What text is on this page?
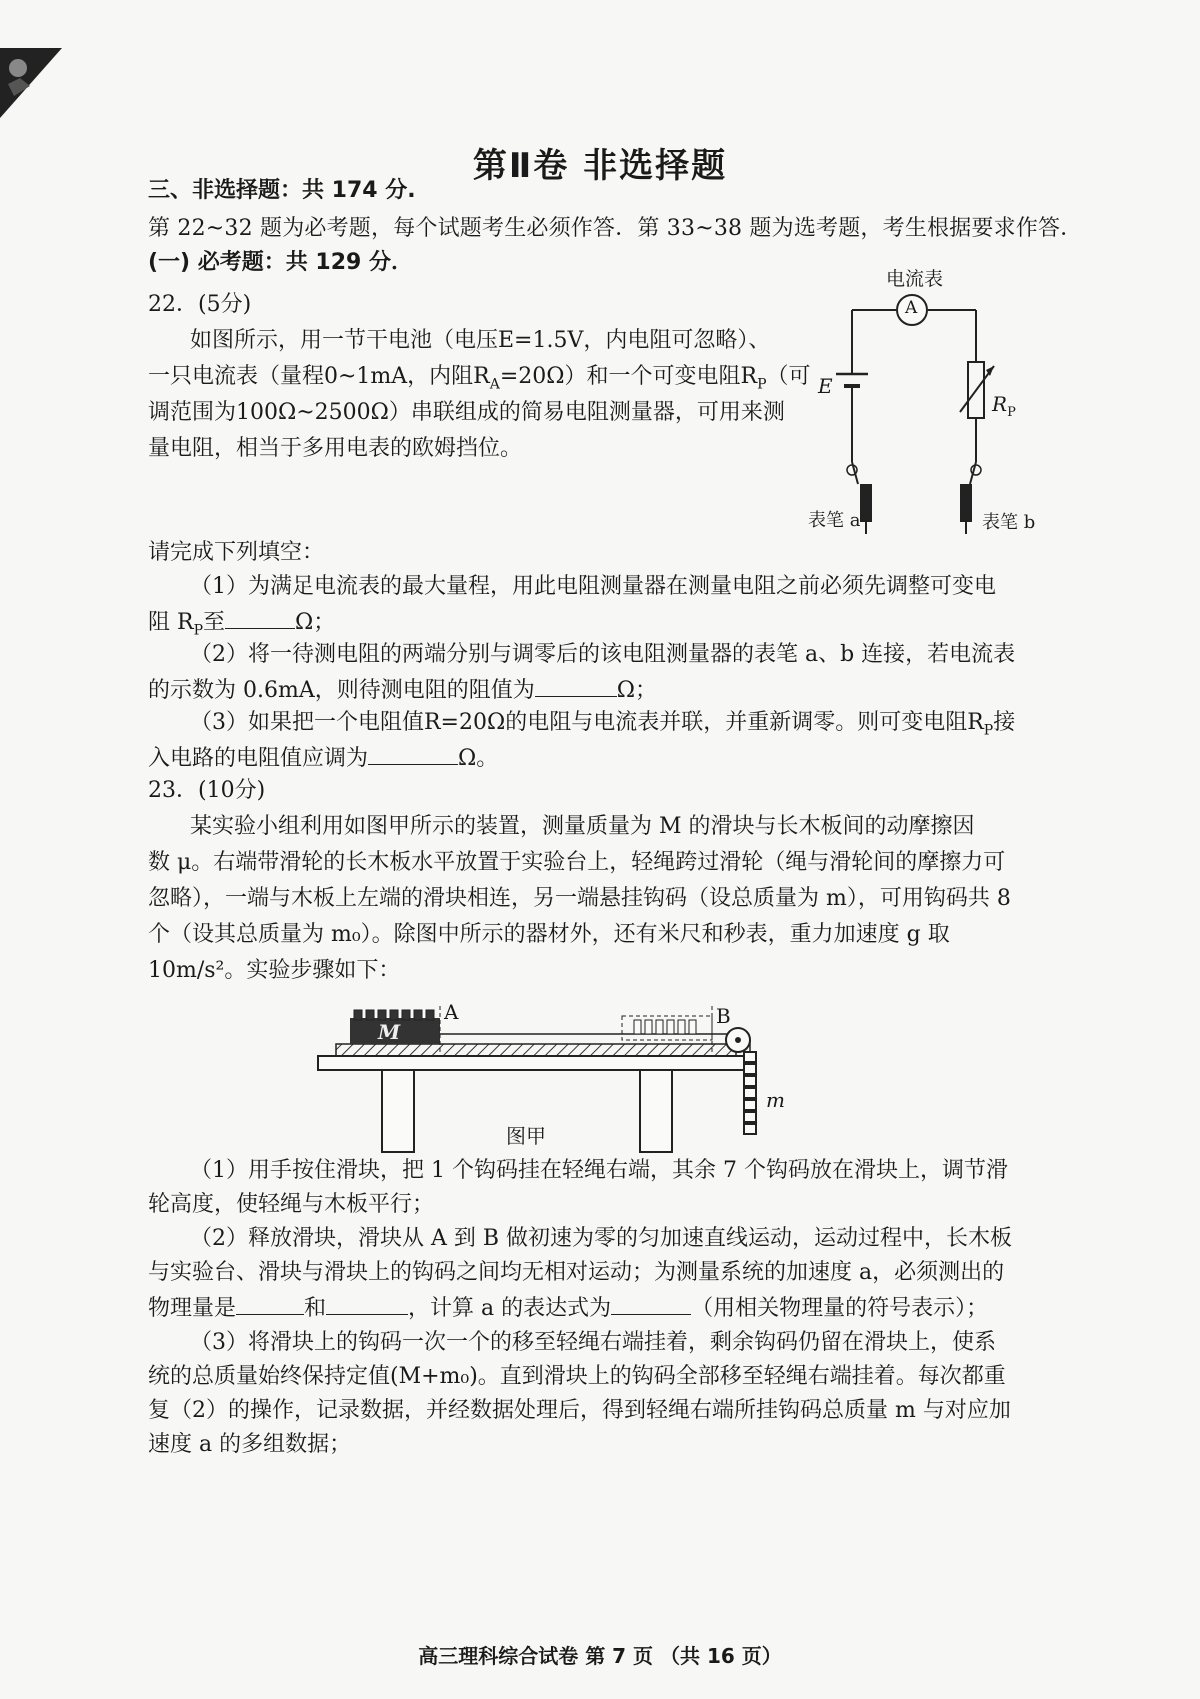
第Ⅱ卷 非选择题
三、非选择题：共 174 分.
第 22~32 题为必考题，每个试题考生必须作答．第 33~38 题为选考题，考生根据要求作答．
(一) 必考题：共 129 分．
22．(5分)
如图所示，用一节干电池（电压E=1.5V，内电阻可忽略）、
一只电流表（量程0~1mA，内阻$R_A=20\Omega$）和一个可变电阻$R_P$（可
调范围为100Ω~2500Ω）串联组成的简易电阻测量器，可用来测
量电阻，相当于多用电表的欧姆挡位。
电流表
A
E
$R_P$
表笔 a	表笔 b
请完成下列填空：
（1）为满足电流表的最大量程，用此电阻测量器在测量电阻之前必须先调整可变电
阻 $R_P$至	Ω；
（2）将一待测电阻的两端分别与调零后的该电阻测量器的表笔 a、b 连接，若电流表
的示数为 0.6mA，则待测电阻的阻值为	Ω；
（3）如果把一个电阻值R=20Ω的电阻与电流表并联，并重新调零。则可变电阻$R_P$接
入电路的电阻值应调为	Ω。
23．(10分)
某实验小组利用如图甲所示的装置，测量质量为 M 的滑块与长木板间的动摩擦因
数 μ。右端带滑轮的长木板水平放置于实验台上，轻绳跨过滑轮（绳与滑轮间的摩擦力可
忽略），一端与木板上左端的滑块相连，另一端悬挂钩码（设总质量为 m），可用钩码共 8
个（设其总质量为 m₀）。除图中所示的器材外，还有米尺和秒表，重力加速度 g 取
10m/s²。实验步骤如下：
A	B
M
m
图甲
（1）用手按住滑块，把 1 个钩码挂在轻绳右端，其余 7 个钩码放在滑块上，调节滑
轮高度，使轻绳与木板平行；
（2）释放滑块，滑块从 A 到 B 做初速为零的匀加速直线运动，运动过程中，长木板
与实验台、滑块与滑块上的钩码之间均无相对运动；为测量系统的加速度 a，必须测出的
物理量是	和	，计算 a 的表达式为	（用相关物理量的符号表示）；
（3）将滑块上的钩码一次一个的移至轻绳右端挂着，剩余钩码仍留在滑块上，使系
统的总质量始终保持定值(M+m₀)。直到滑块上的钩码全部移至轻绳右端挂着。每次都重
复（2）的操作，记录数据，并经数据处理后，得到轻绳右端所挂钩码总质量 m 与对应加
速度 a 的多组数据；
高三理科综合试卷 第 7 页 （共 16 页）
